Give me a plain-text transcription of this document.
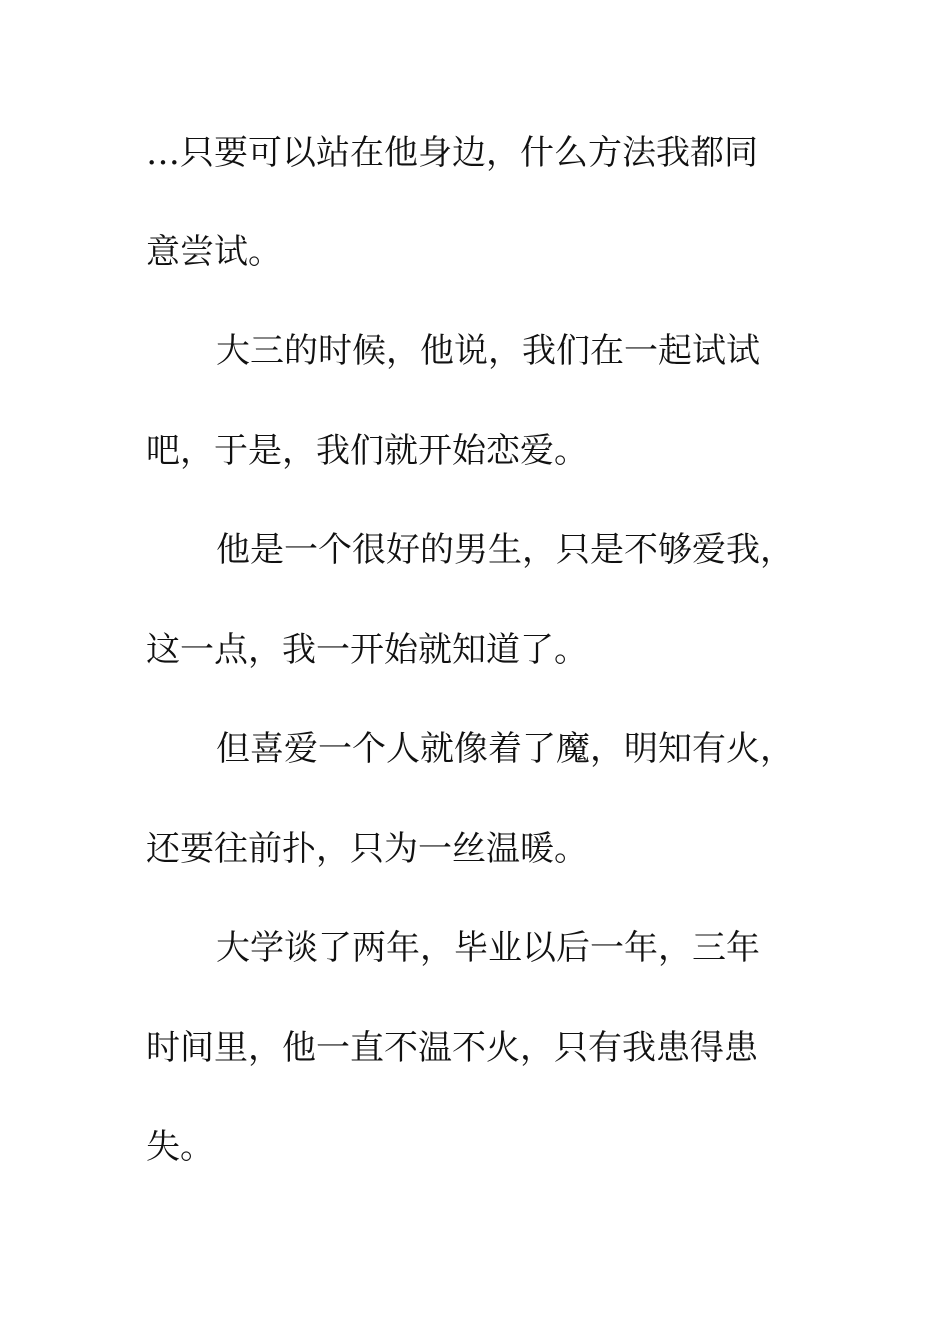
…只要可以站在他身边，什么方法我都同
意尝试。
大三的时候，他说，我们在一起试试
吧，于是，我们就开始恋爱。
他是一个很好的男生，只是不够爱我，
这一点，我一开始就知道了。
但喜爱一个人就像着了魔，明知有火，
还要往前扑，只为一丝温暖。
大学谈了两年，毕业以后一年，三年
时间里，他一直不温不火，只有我患得患
失。
